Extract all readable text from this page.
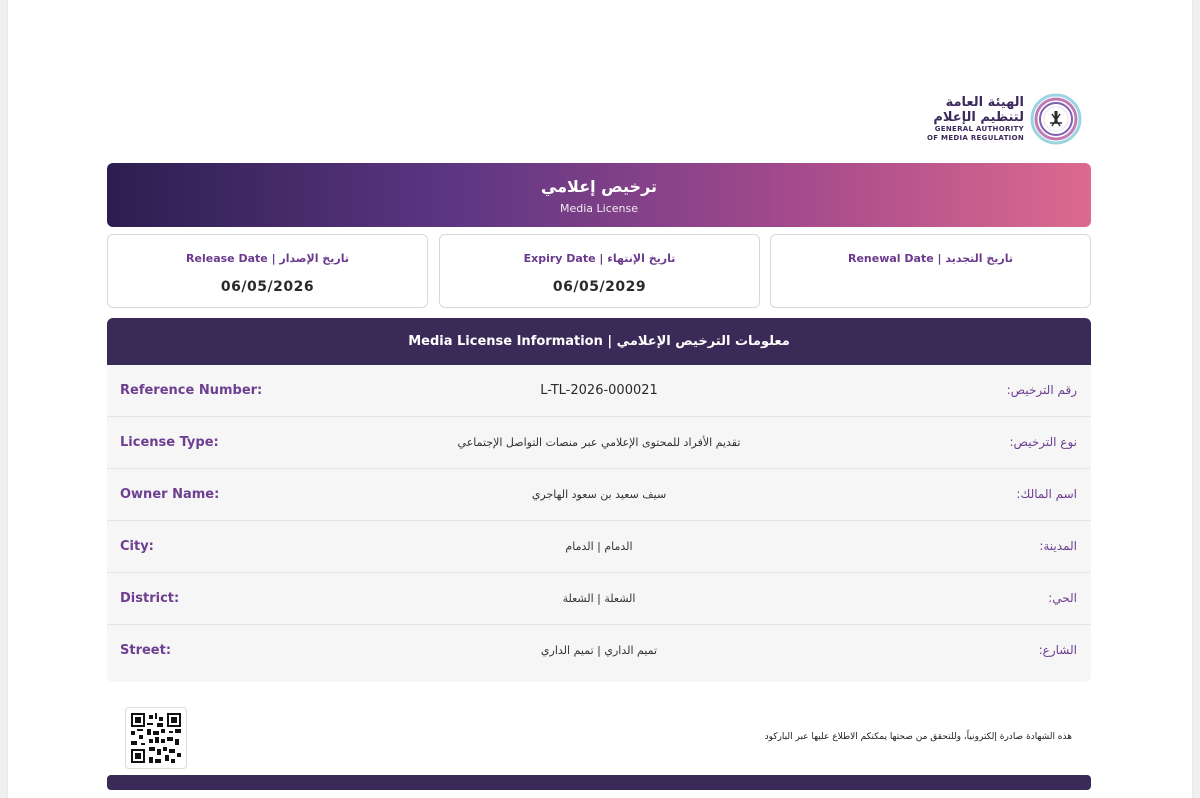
الهيئة العامة
لتنظيم الإعلام
GENERAL AUTHORITY
OF MEDIA REGULATION
ترخيص إعلامي
Media License
Release Date | تاريخ الإصدار
06/05/2026
Expiry Date | تاريخ الإنتهاء
06/05/2029
Renewal Date | تاريخ التجديد
Media License Information | معلومات الترخيص الإعلامي
Reference Number:	L-TL-2026-000021	رقم الترخيص:
License Type:	تقديم الأفراد للمحتوى الإعلامي عبر منصات التواصل الإجتماعي	نوع الترخيص:
Owner Name:	سيف سعيد بن سعود الهاجري	اسم المالك:
City:	الدمام | الدمام	المدينة:
District:	الشعلة | الشعلة	الحي:
Street:	تميم الداري | تميم الداري	الشارع:
هذه الشهادة صادرة إلكترونياً، وللتحقق من صحتها يمكنكم الاطلاع عليها عبر الباركود
